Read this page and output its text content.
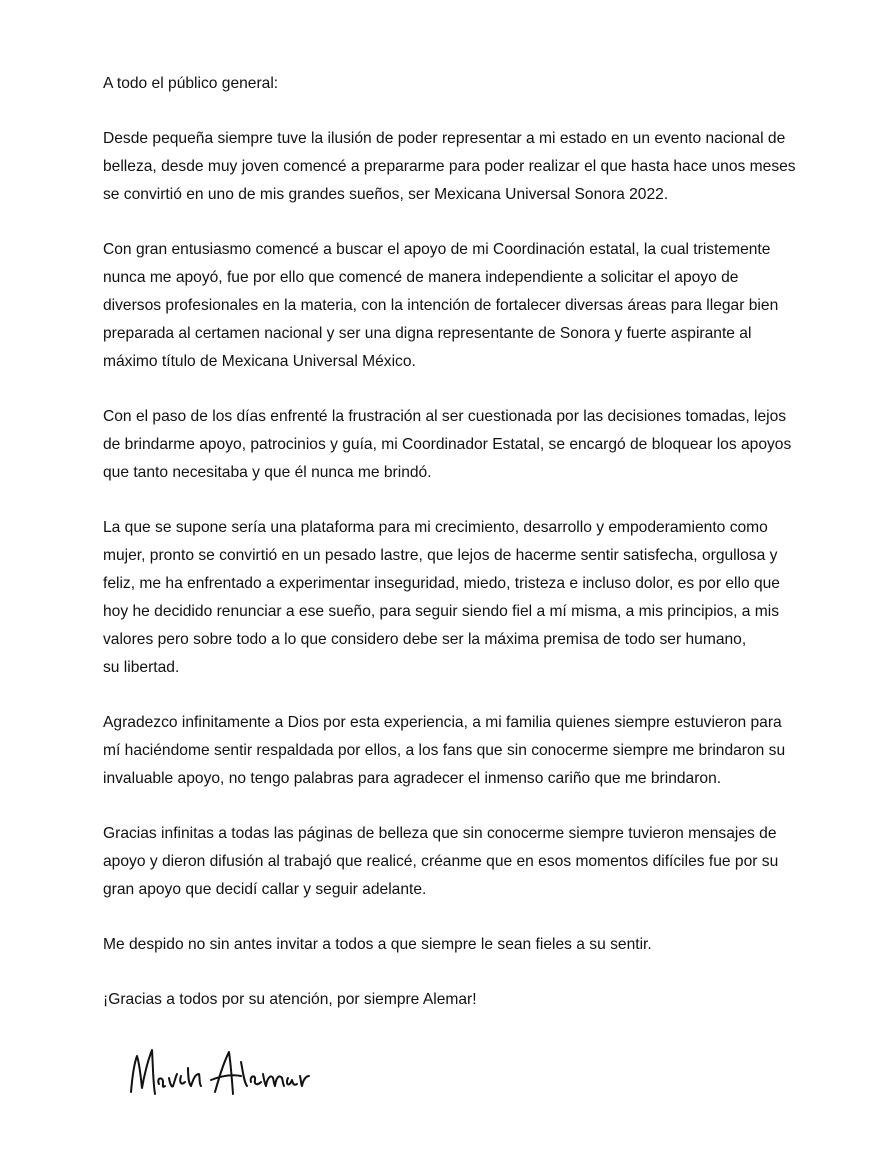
A todo el público general:

Desde pequeña siempre tuve la ilusión de poder representar a mi estado en un evento nacional de
belleza, desde muy joven comencé a prepararme para poder realizar el que hasta hace unos meses
se convirtió en uno de mis grandes sueños, ser Mexicana Universal Sonora 2022.

Con gran entusiasmo comencé a buscar el apoyo de mi Coordinación estatal, la cual tristemente
nunca me apoyó, fue por ello que comencé de manera independiente a solicitar el apoyo de
diversos profesionales en la materia, con la intención de fortalecer diversas áreas para llegar bien
preparada al certamen nacional y ser una digna representante de Sonora y fuerte aspirante al
máximo título de Mexicana Universal México.

Con el paso de los días enfrenté la frustración al ser cuestionada por las decisiones tomadas, lejos
de brindarme apoyo, patrocinios y guía, mi Coordinador Estatal, se encargó de bloquear los apoyos
que tanto necesitaba y que él nunca me brindó.

La que se supone sería una plataforma para mi crecimiento, desarrollo y empoderamiento como
mujer, pronto se convirtió en un pesado lastre, que lejos de hacerme sentir satisfecha, orgullosa y
feliz, me ha enfrentado a experimentar inseguridad, miedo, tristeza e incluso dolor, es por ello que
hoy he decidido renunciar a ese sueño, para seguir siendo fiel a mí misma, a mis principios, a mis
valores pero sobre todo a lo que considero debe ser la máxima premisa de todo ser humano,
su libertad.

Agradezco infinitamente a Dios por esta experiencia, a mi familia quienes siempre estuvieron para
mí haciéndome sentir respaldada por ellos, a los fans que sin conocerme siempre me brindaron su
invaluable apoyo, no tengo palabras para agradecer el inmenso cariño que me brindaron.

Gracias infinitas a todas las páginas de belleza que sin conocerme siempre tuvieron mensajes de
apoyo y dieron difusión al trabajó que realicé, créanme que en esos momentos difíciles fue por su
gran apoyo que decidí callar y seguir adelante.

Me despido no sin antes invitar a todos a que siempre le sean fieles a su sentir.

¡Gracias a todos por su atención, por siempre Alemar!
